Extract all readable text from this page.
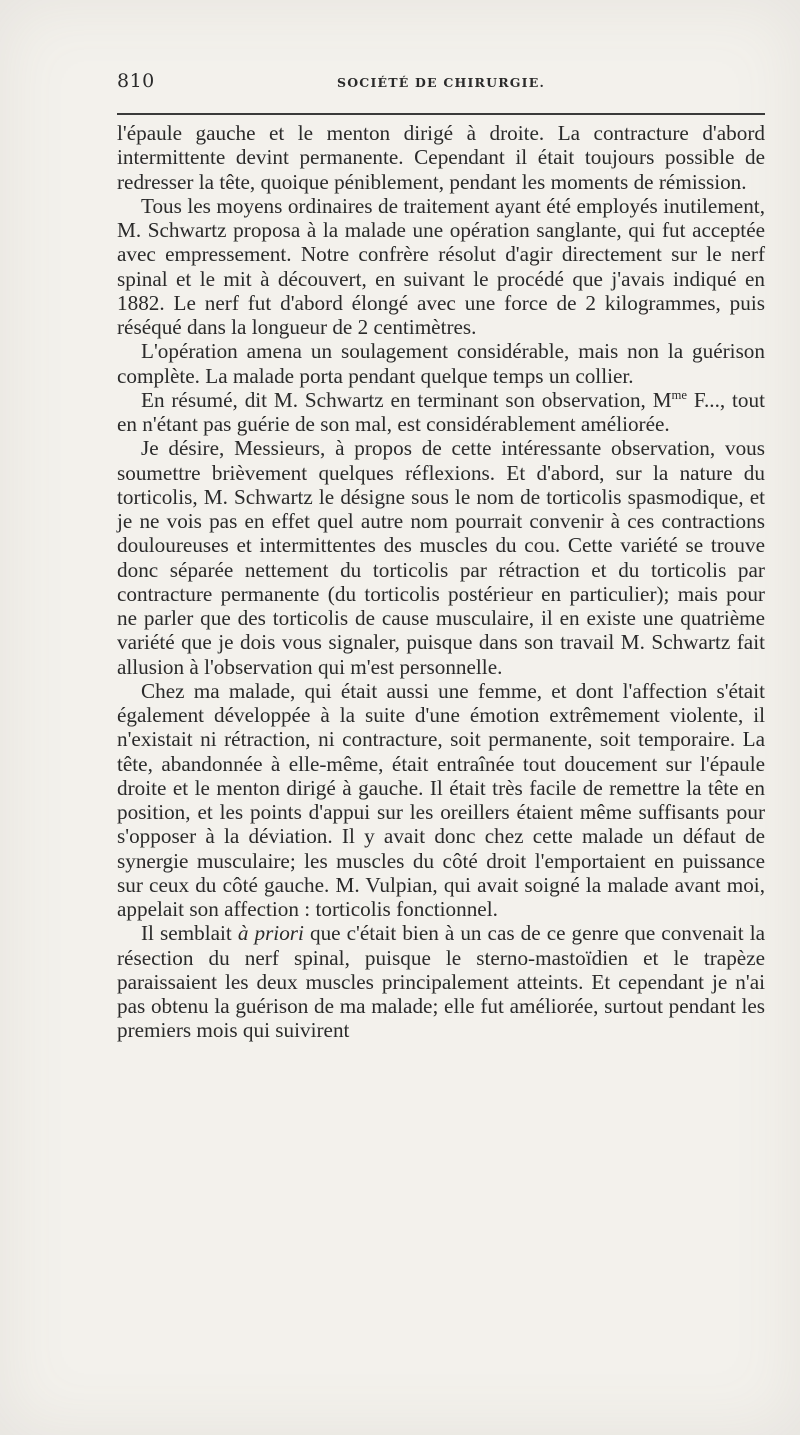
810	SOCIÉTÉ DE CHIRURGIE.

l'épaule gauche et le menton dirigé à droite. La contracture d'abord intermittente devint permanente. Cependant il était toujours possible de redresser la tête, quoique péniblement, pendant les moments de rémission.

Tous les moyens ordinaires de traitement ayant été employés inutilement, M. Schwartz proposa à la malade une opération sanglante, qui fut acceptée avec empressement. Notre confrère résolut d'agir directement sur le nerf spinal et le mit à découvert, en suivant le procédé que j'avais indiqué en 1882. Le nerf fut d'abord élongé avec une force de 2 kilogrammes, puis réséqué dans la longueur de 2 centimètres.

L'opération amena un soulagement considérable, mais non la guérison complète. La malade porta pendant quelque temps un collier.

En résumé, dit M. Schwartz en terminant son observation, $M^{me}$ F..., tout en n'étant pas guérie de son mal, est considérablement améliorée.

Je désire, Messieurs, à propos de cette intéressante observation, vous soumettre brièvement quelques réflexions. Et d'abord, sur la nature du torticolis, M. Schwartz le désigne sous le nom de torticolis spasmodique, et je ne vois pas en effet quel autre nom pourrait convenir à ces contractions douloureuses et intermittentes des muscles du cou. Cette variété se trouve donc séparée nettement du torticolis par rétraction et du torticolis par contracture permanente (du torticolis postérieur en particulier); mais pour ne parler que des torticolis de cause musculaire, il en existe une quatrième variété que je dois vous signaler, puisque dans son travail M. Schwartz fait allusion à l'observation qui m'est personnelle.

Chez ma malade, qui était aussi une femme, et dont l'affection s'était également développée à la suite d'une émotion extrêmement violente, il n'existait ni rétraction, ni contracture, soit permanente, soit temporaire. La tête, abandonnée à elle-même, était entraînée tout doucement sur l'épaule droite et le menton dirigé à gauche. Il était très facile de remettre la tête en position, et les points d'appui sur les oreillers étaient même suffisants pour s'opposer à la déviation. Il y avait donc chez cette malade un défaut de synergie musculaire; les muscles du côté droit l'emportaient en puissance sur ceux du côté gauche. M. Vulpian, qui avait soigné la malade avant moi, appelait son affection : torticolis fonctionnel.

Il semblait à priori que c'était bien à un cas de ce genre que convenait la résection du nerf spinal, puisque le sterno-mastoïdien et le trapèze paraissaient les deux muscles principalement atteints. Et cependant je n'ai pas obtenu la guérison de ma malade; elle fut améliorée, surtout pendant les premiers mois qui suivirent
